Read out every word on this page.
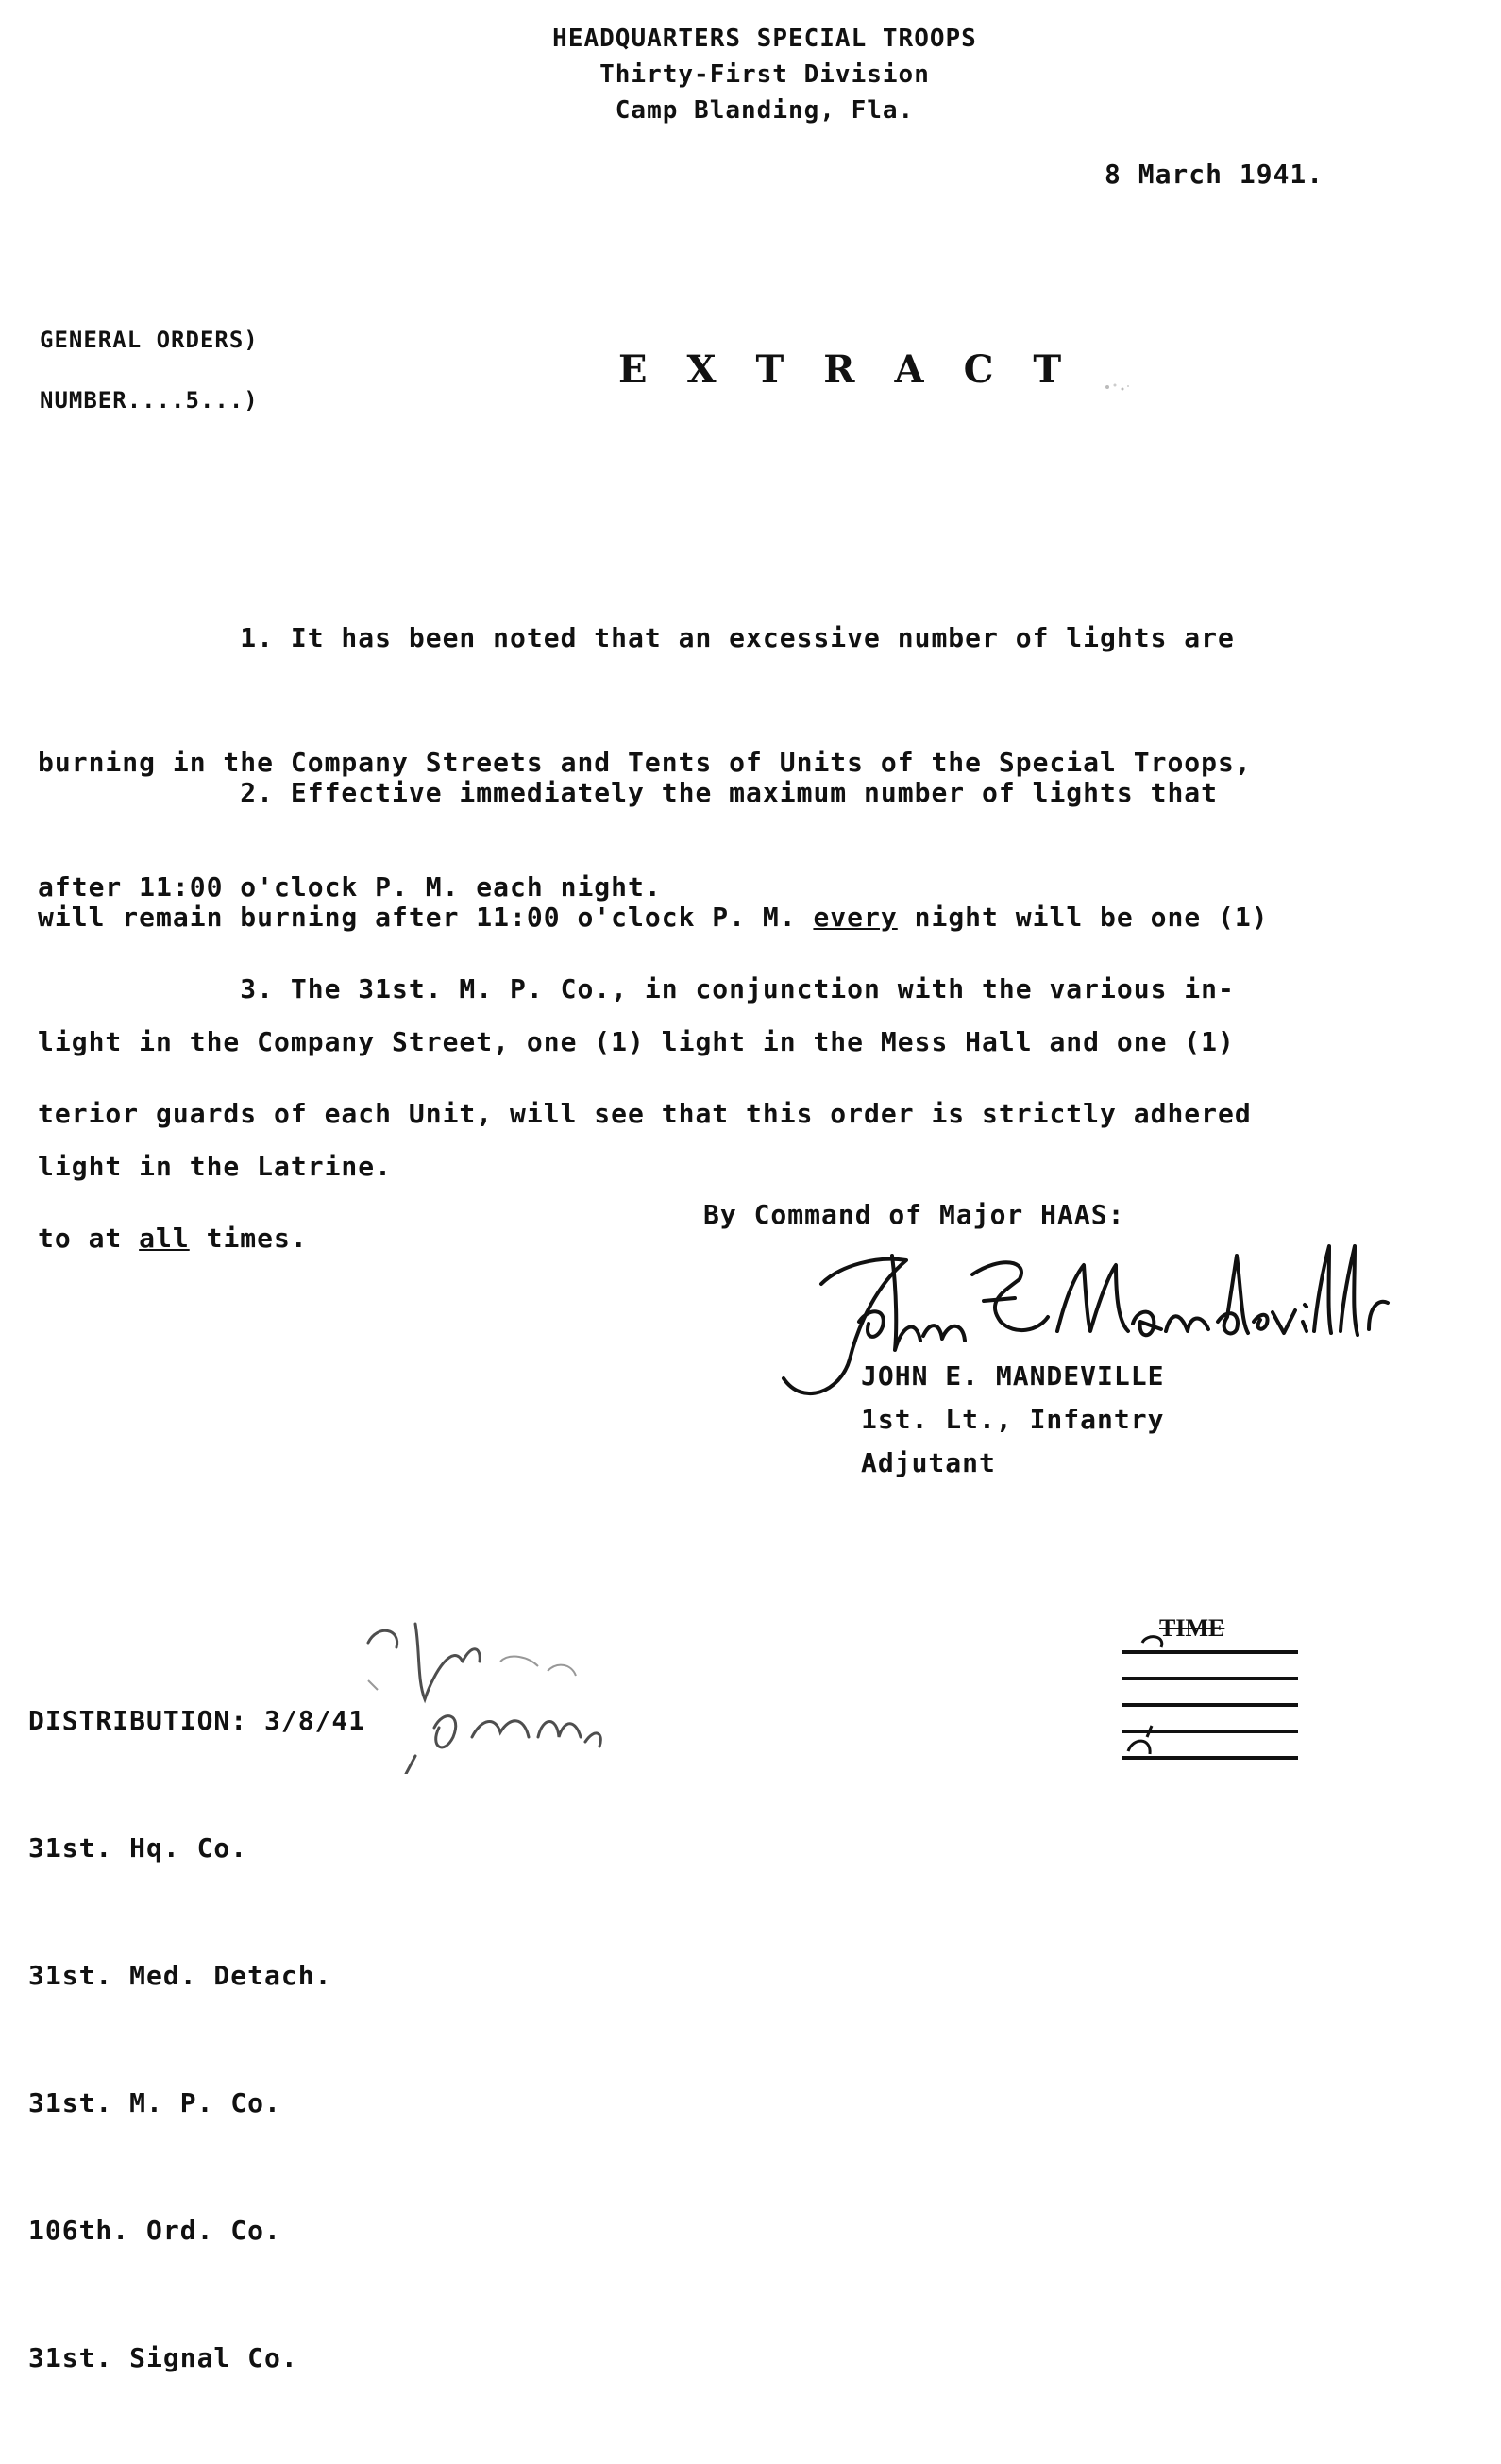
HEADQUARTERS SPECIAL TROOPS
Thirty-First Division
Camp Blanding, Fla.
8 March 1941.
GENERAL ORDERS)
NUMBER....5...)
EXTRACT

1. It has been noted that an excessive number of lights are

burning in the Company Streets and Tents of Units of the Special Troops,

after 11:00 o'clock P. M. each night.

2. Effective immediately the maximum number of lights that

will remain burning after 11:00 o'clock P. M. every night will be one (1)

light in the Company Street, one (1) light in the Mess Hall and one (1)

light in the Latrine.

3. The 31st. M. P. Co., in conjunction with the various in-

terior guards of each Unit, will see that this order is strictly adhered

to at all times.

By Command of Major HAAS:
JOHN E. MANDEVILLE
1st. Lt., Infantry
Adjutant

DISTRIBUTION: 3/8/41

31st. Hq. Co.

31st. Med. Detach.

31st. M. P. Co.

106th. Ord. Co.

31st. Signal Co.

TIME
